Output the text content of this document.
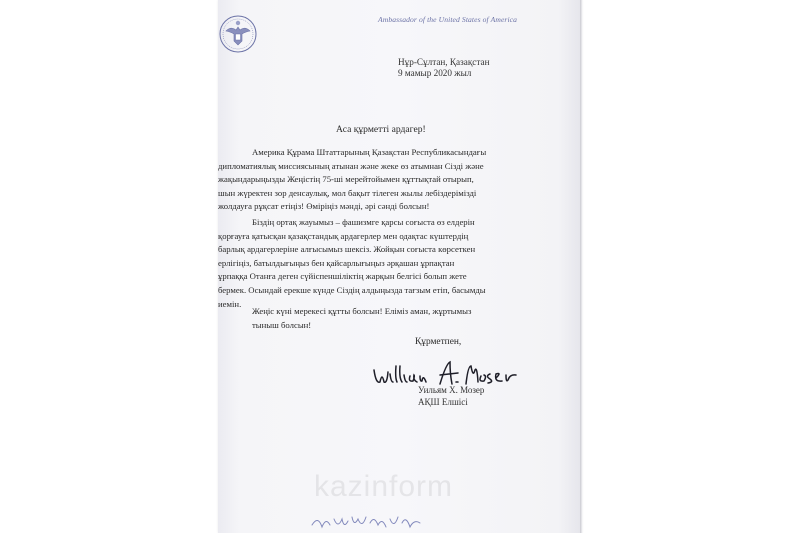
Ambassador of the United States of America
Нұр-Сұлтан, Қазақстан
9 мамыр 2020 жыл
Аса құрметті ардагер!

Америка Құрама Штаттарының Қазақстан Республикасындағы
дипломатиялық миссиясының атынан және жеке өз атымнан Сізді және
жақындарыңызды Жеңістің 75-ші мерейтойымен құттықтай отырып,
шын жүректен зор денсаулық, мол бақыт тілеген жылы лебіздерімізді
жолдауға рұқсат етіңіз! Өміріңіз мәнді, әрі сәнді болсын!

Біздің ортақ жауымыз – фашизмге қарсы соғыста өз елдерін
қорғауға қатысқан қазақстандық ардагерлер мен одақтас күштердің
барлық ардагерлеріне алғысымыз шексіз. Жойқын соғыста көрсеткен
ерлігіңіз, батылдығыңыз бен қайсарлығыңыз әрқашан ұрпақтан
ұрпаққа Отанға деген сүйіспеншіліктің жарқын белгісі болып жете
бермек. Осындай ерекше күнде Сіздің алдыңызда тағзым етіп, басымды
иемін.

Жеңіс күні мерекесі құтты болсын! Еліміз аман, жұртымыз
тыныш болсын!

Құрметпен,
Уильям Х. Мозер
АҚШ Елшісі
kazinform
